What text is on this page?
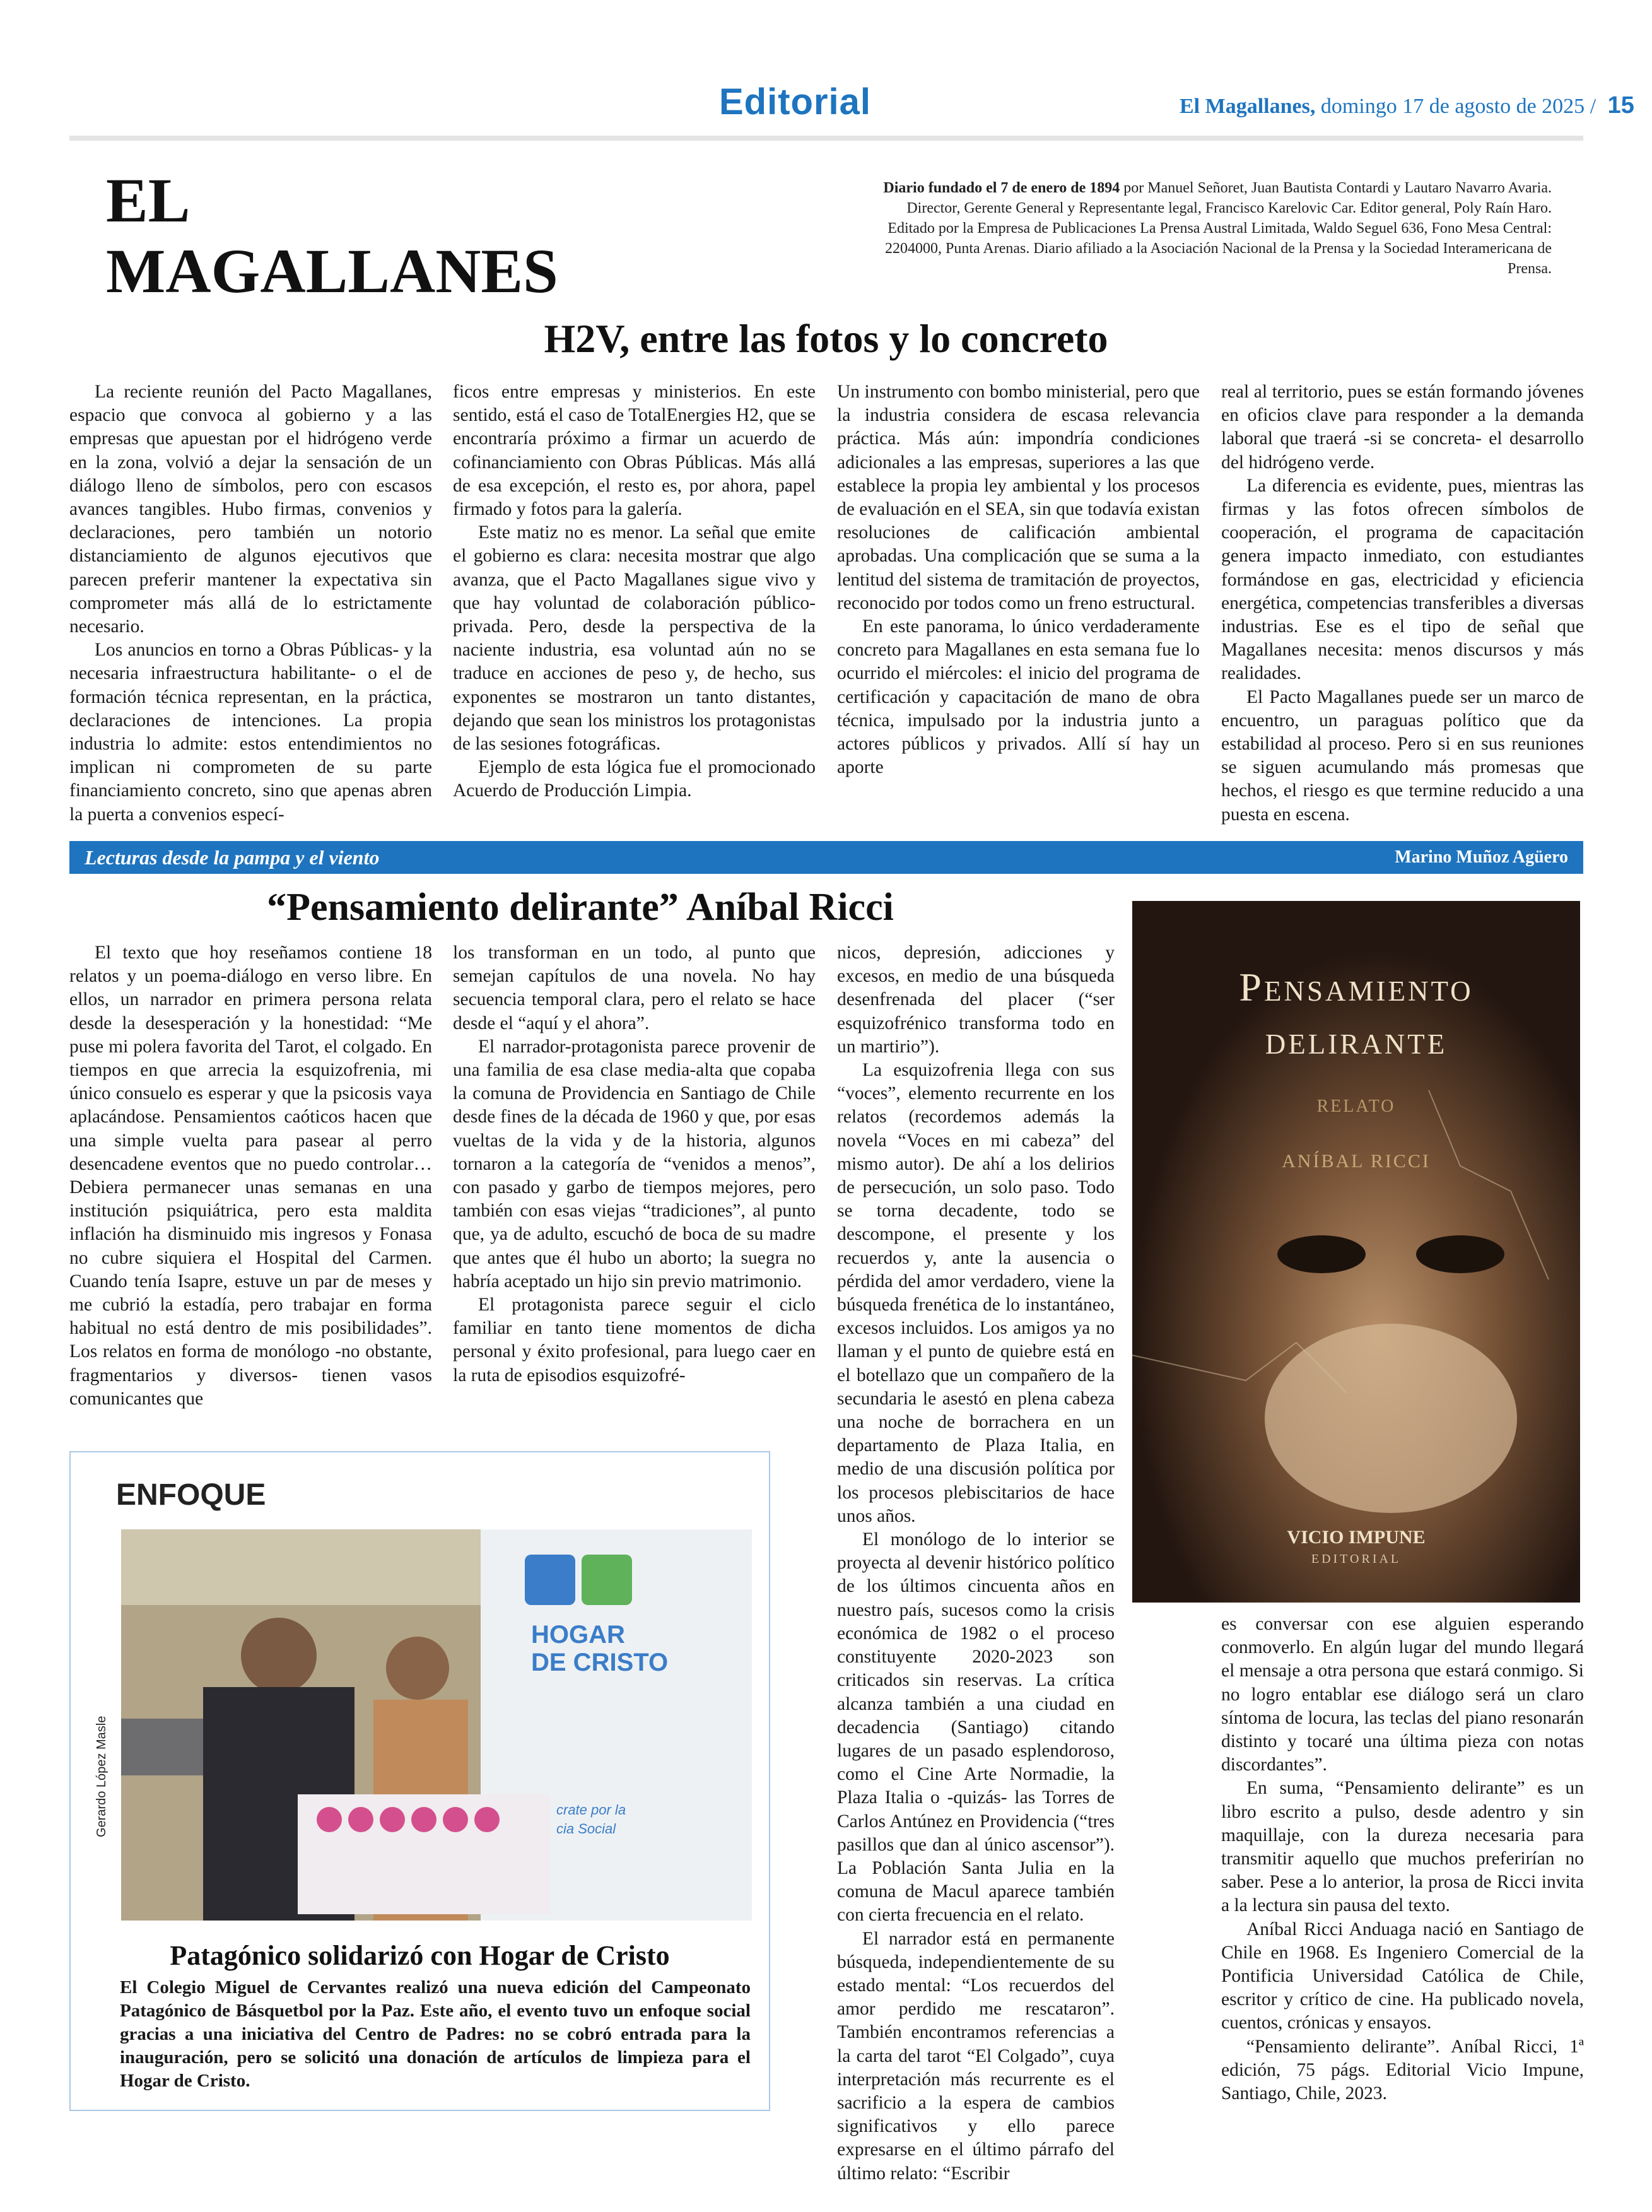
Editorial	El Magallanes, domingo 17 de agosto de 2025 / 15
EL
MAGALLANES
Diario fundado el 7 de enero de 1894 por Manuel Señoret, Juan Bautista Contardi y Lautaro Navarro Avaria. Director, Gerente General y Representante legal, Francisco Karelovic Car. Editor general, Poly Raín Haro. Editado por la Empresa de Publicaciones La Prensa Austral Limitada, Waldo Seguel 636, Fono Mesa Central: 2204000, Punta Arenas. Diario afiliado a la Asociación Nacional de la Prensa y la Sociedad Interamericana de Prensa.
H2V, entre las fotos y lo concreto

La reciente reunión del Pacto Magallanes, espacio que convoca al gobierno y a las empresas que apuestan por el hidrógeno verde en la zona, volvió a dejar la sensación de un diálogo lleno de símbolos, pero con escasos avances tangibles. Hubo firmas, convenios y declaraciones, pero también un notorio distanciamiento de algunos ejecutivos que parecen preferir mantener la expectativa sin comprometer más allá de lo estrictamente necesario.

Los anuncios en torno a Obras Públicas- y la necesaria infraestructura habilitante- o el de formación técnica representan, en la práctica, declaraciones de intenciones. La propia industria lo admite: estos entendimientos no implican ni comprometen de su parte financiamiento concreto, sino que apenas abren la puerta a convenios especí-

ficos entre empresas y ministerios. En este sentido, está el caso de TotalEnergies H2, que se encontraría próximo a firmar un acuerdo de cofinanciamiento con Obras Públicas. Más allá de esa excepción, el resto es, por ahora, papel firmado y fotos para la galería.

Este matiz no es menor. La señal que emite el gobierno es clara: necesita mostrar que algo avanza, que el Pacto Magallanes sigue vivo y que hay voluntad de colaboración público-privada. Pero, desde la perspectiva de la naciente industria, esa voluntad aún no se traduce en acciones de peso y, de hecho, sus exponentes se mostraron un tanto distantes, dejando que sean los ministros los protagonistas de las sesiones fotográficas.

Ejemplo de esta lógica fue el promocionado Acuerdo de Producción Limpia.

Un instrumento con bombo ministerial, pero que la industria considera de escasa relevancia práctica. Más aún: impondría condiciones adicionales a las empresas, superiores a las que establece la propia ley ambiental y los procesos de evaluación en el SEA, sin que todavía existan resoluciones de calificación ambiental aprobadas. Una complicación que se suma a la lentitud del sistema de tramitación de proyectos, reconocido por todos como un freno estructural.

En este panorama, lo único verdaderamente concreto para Magallanes en esta semana fue lo ocurrido el miércoles: el inicio del programa de certificación y capacitación de mano de obra técnica, impulsado por la industria junto a actores públicos y privados. Allí sí hay un aporte

real al territorio, pues se están formando jóvenes en oficios clave para responder a la demanda laboral que traerá -si se concreta- el desarrollo del hidrógeno verde.

La diferencia es evidente, pues, mientras las firmas y las fotos ofrecen símbolos de cooperación, el programa de capacitación genera impacto inmediato, con estudiantes formándose en gas, electricidad y eficiencia energética, competencias transferibles a diversas industrias. Ese es el tipo de señal que Magallanes necesita: menos discursos y más realidades.

El Pacto Magallanes puede ser un marco de encuentro, un paraguas político que da estabilidad al proceso. Pero si en sus reuniones se siguen acumulando más promesas que hechos, el riesgo es que termine reducido a una puesta en escena.

Lecturas desde la pampa y el viento	Marino Muñoz Agüero
“Pensamiento delirante” Aníbal Ricci

El texto que hoy reseñamos contiene 18 relatos y un poema-diálogo en verso libre. En ellos, un narrador en primera persona relata desde la desesperación y la honestidad: “Me puse mi polera favorita del Tarot, el colgado. En tiempos en que arrecia la esquizofrenia, mi único consuelo es esperar y que la psicosis vaya aplacándose. Pensamientos caóticos hacen que una simple vuelta para pasear al perro desencadene eventos que no puedo controlar… Debiera permanecer unas semanas en una institución psiquiátrica, pero esta maldita inflación ha disminuido mis ingresos y Fonasa no cubre siquiera el Hospital del Carmen. Cuando tenía Isapre, estuve un par de meses y me cubrió la estadía, pero trabajar en forma habitual no está dentro de mis posibilidades”. Los relatos en forma de monólogo -no obstante, fragmentarios y diversos- tienen vasos comunicantes que

los transforman en un todo, al punto que semejan capítulos de una novela. No hay secuencia temporal clara, pero el relato se hace desde el “aquí y el ahora”.

El narrador-protagonista parece provenir de una familia de esa clase media-alta que copaba la comuna de Providencia en Santiago de Chile desde fines de la década de 1960 y que, por esas vueltas de la vida y de la historia, algunos tornaron a la categoría de “venidos a menos”, con pasado y garbo de tiempos mejores, pero también con esas viejas “tradiciones”, al punto que, ya de adulto, escuchó de boca de su madre que antes que él hubo un aborto; la suegra no habría aceptado un hijo sin previo matrimonio.

El protagonista parece seguir el ciclo familiar en tanto tiene momentos de dicha personal y éxito profesional, para luego caer en la ruta de episodios esquizofré-

nicos, depresión, adicciones y excesos, en medio de una búsqueda desenfrenada del placer (“ser esquizofrénico transforma todo en un martirio”).

La esquizofrenia llega con sus “voces”, elemento recurrente en los relatos (recordemos además la novela “Voces en mi cabeza” del mismo autor). De ahí a los delirios de persecución, un solo paso. Todo se torna decadente, todo se descompone, el presente y los recuerdos y, ante la ausencia o pérdida del amor verdadero, viene la búsqueda frenética de lo instantáneo, excesos incluidos. Los amigos ya no llaman y el punto de quiebre está en el botellazo que un compañero de la secundaria le asestó en plena cabeza una noche de borrachera en un departamento de Plaza Italia, en medio de una discusión política por los procesos plebiscitarios de hace unos años.

El monólogo de lo interior se proyecta al devenir histórico político de los últimos cincuenta años en nuestro país, sucesos como la crisis económica de 1982 o el proceso constituyente 2020-2023 son criticados sin reservas. La crítica alcanza también a una ciudad en decadencia (Santiago) citando lugares de un pasado esplendoroso, como el Cine Arte Normadie, la Plaza Italia o -quizás- las Torres de Carlos Antúnez en Providencia (“tres pasillos que dan al único ascensor”). La Población Santa Julia en la comuna de Macul aparece también con cierta frecuencia en el relato.

El narrador está en permanente búsqueda, independientemente de su estado mental: “Los recuerdos del amor perdido me rescataron”. También encontramos referencias a la carta del tarot “El Colgado”, cuya interpretación más recurrente es el sacrificio a la espera de cambios significativos y ello parece expresarse en el último párrafo del último relato: “Escribir

es conversar con ese alguien esperando conmoverlo. En algún lugar del mundo llegará el mensaje a otra persona que estará conmigo. Si no logro entablar ese diálogo será un claro síntoma de locura, las teclas del piano resonarán distinto y tocaré una última pieza con notas discordantes”.

En suma, “Pensamiento delirante” es un libro escrito a pulso, desde adentro y sin maquillaje, con la dureza necesaria para transmitir aquello que muchos preferirían no saber. Pese a lo anterior, la prosa de Ricci invita a la lectura sin pausa del texto.

Aníbal Ricci Anduaga nació en Santiago de Chile en 1968. Es Ingeniero Comercial de la Pontificia Universidad Católica de Chile, escritor y crítico de cine. Ha publicado novela, cuentos, crónicas y ensayos.

“Pensamiento delirante”. Aníbal Ricci, 1ª edición, 75 págs. Editorial Vicio Impune, Santiago, Chile, 2023.

Pensamiento
delirante
RELATO
ANÍBAL RICCI
VICIO IMPUNE
EDITORIAL
ENFOQUE
Gerardo López Masle
HOGAR
DE CRISTO
crate por la
cia Social
Patagónico solidarizó con Hogar de Cristo
El Colegio Miguel de Cervantes realizó una nueva edición del Campeonato Patagónico de Básquetbol por la Paz. Este año, el evento tuvo un enfoque social gracias a una iniciativa del Centro de Padres: no se cobró entrada para la inauguración, pero se solicitó una donación de artículos de limpieza para el Hogar de Cristo.
